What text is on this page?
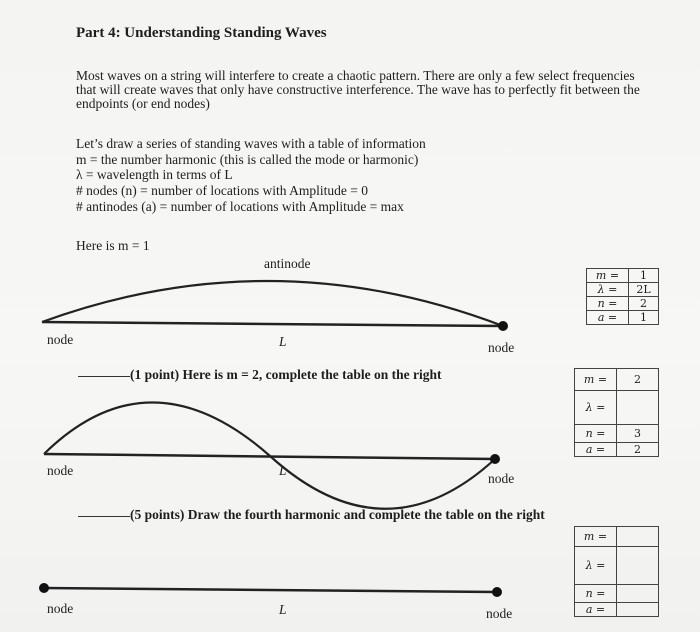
Part 4: Understanding Standing Waves
Most waves on a string will interfere to create a chaotic pattern. There are only a few select frequencies
that will create waves that only have constructive interference. The wave has to perfectly fit between the
endpoints (or end nodes)
Let’s draw a series of standing waves with a table of information
m = the number harmonic (this is called the mode or harmonic)
λ = wavelength in terms of L
# nodes (n) = number of locations with Amplitude = 0
# antinodes (a) = number of locations with Amplitude = max
Here is m = 1
antinode
node	L	node
m =	1
λ =	2L
n =	2
a =	1
(1 point) Here is m = 2, complete the table on the right	m =	2
λ =	
n =	3
a =	2
node	L
node
(5 points) Draw the fourth harmonic and complete the table on the right
m =	
λ =	
n =	
a =	
node	L	node
